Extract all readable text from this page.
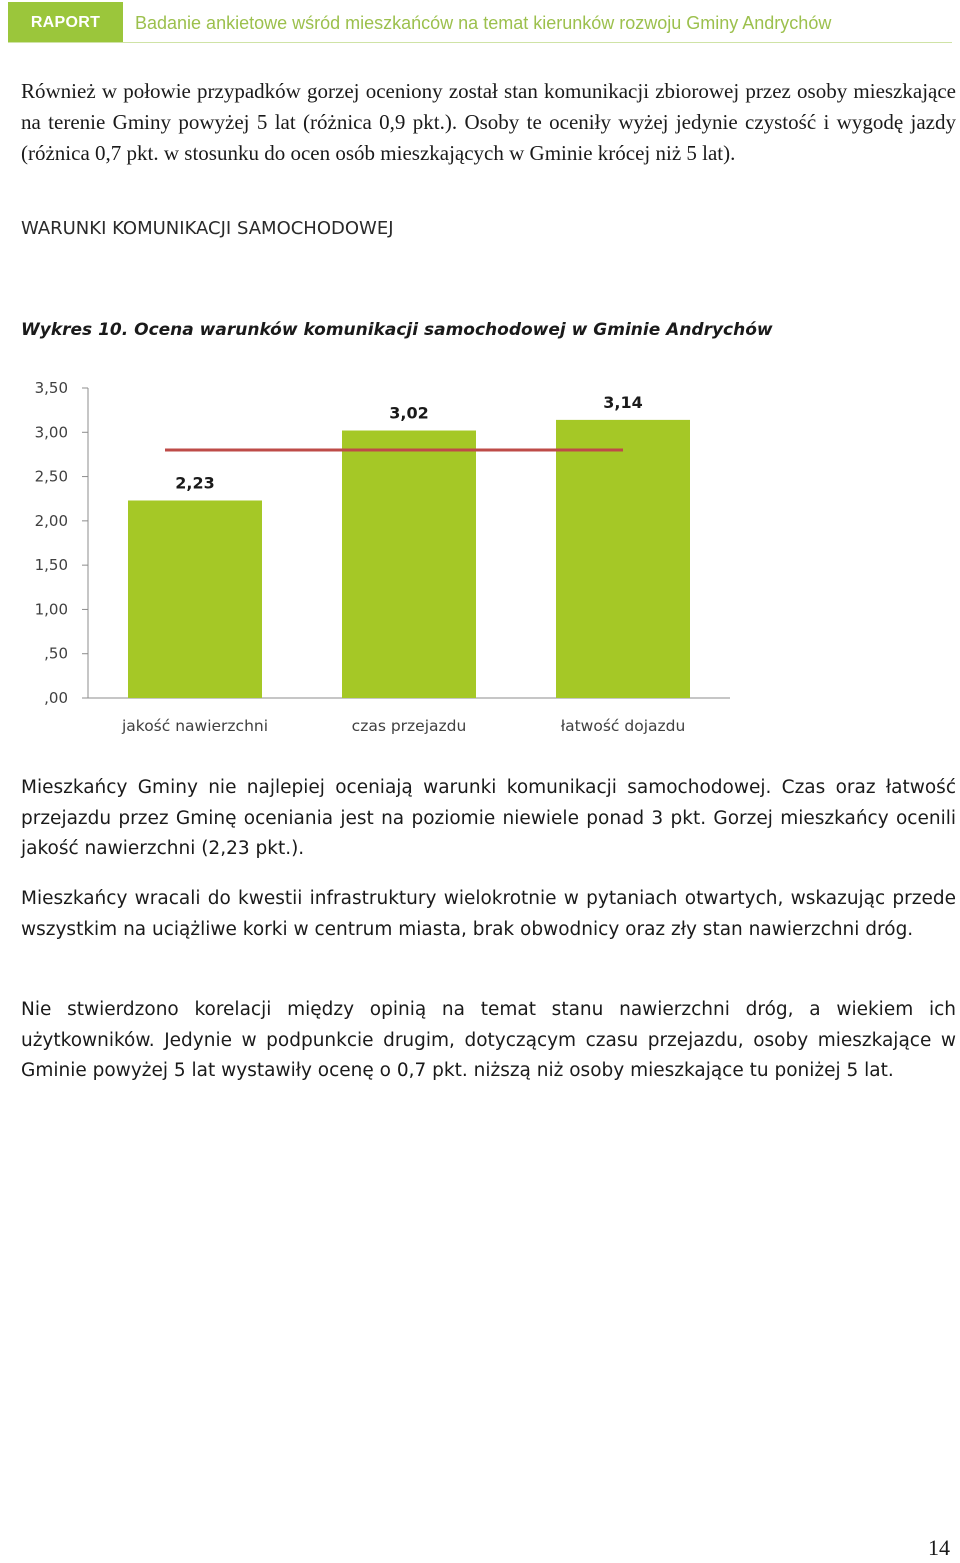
RAPORT	Badanie ankietowe wśród mieszkańców na temat kierunków rozwoju Gminy Andrychów

Również w połowie przypadków gorzej oceniony został stan komunikacji zbiorowej przez osoby mieszkające na terenie Gminy powyżej 5 lat (różnica 0,9 pkt.). Osoby te oceniły wyżej jedynie czystość i wygodę jazdy (różnica 0,7 pkt. w stosunku do ocen osób mieszkających w Gminie krócej niż 5 lat).

WARUNKI KOMUNIKACJI SAMOCHODOWEJ
Wykres 10. Ocena warunków komunikacji samochodowej w Gminie Andrychów
,00
,50
1,00
1,50
2,00
2,50
3,00
3,50
2,23
jakość nawierzchni
3,02
czas przejazdu
3,14
łatwość dojazdu

Mieszkańcy Gminy nie najlepiej oceniają warunki komunikacji samochodowej. Czas oraz łatwość przejazdu przez Gminę oceniania jest na poziomie niewiele ponad 3 pkt. Gorzej mieszkańcy ocenili jakość nawierzchni (2,23 pkt.).

Mieszkańcy wracali do kwestii infrastruktury wielokrotnie w pytaniach otwartych, wskazując przede wszystkim na uciążliwe korki w centrum miasta, brak obwodnicy oraz zły stan nawierzchni dróg.

Nie stwierdzono korelacji między opinią na temat stanu nawierzchni dróg, a wiekiem ich użytkowników. Jedynie w podpunkcie drugim, dotyczącym czasu przejazdu, osoby mieszkające w Gminie powyżej 5 lat wystawiły ocenę o 0,7 pkt. niższą niż osoby mieszkające tu poniżej 5 lat.

14
